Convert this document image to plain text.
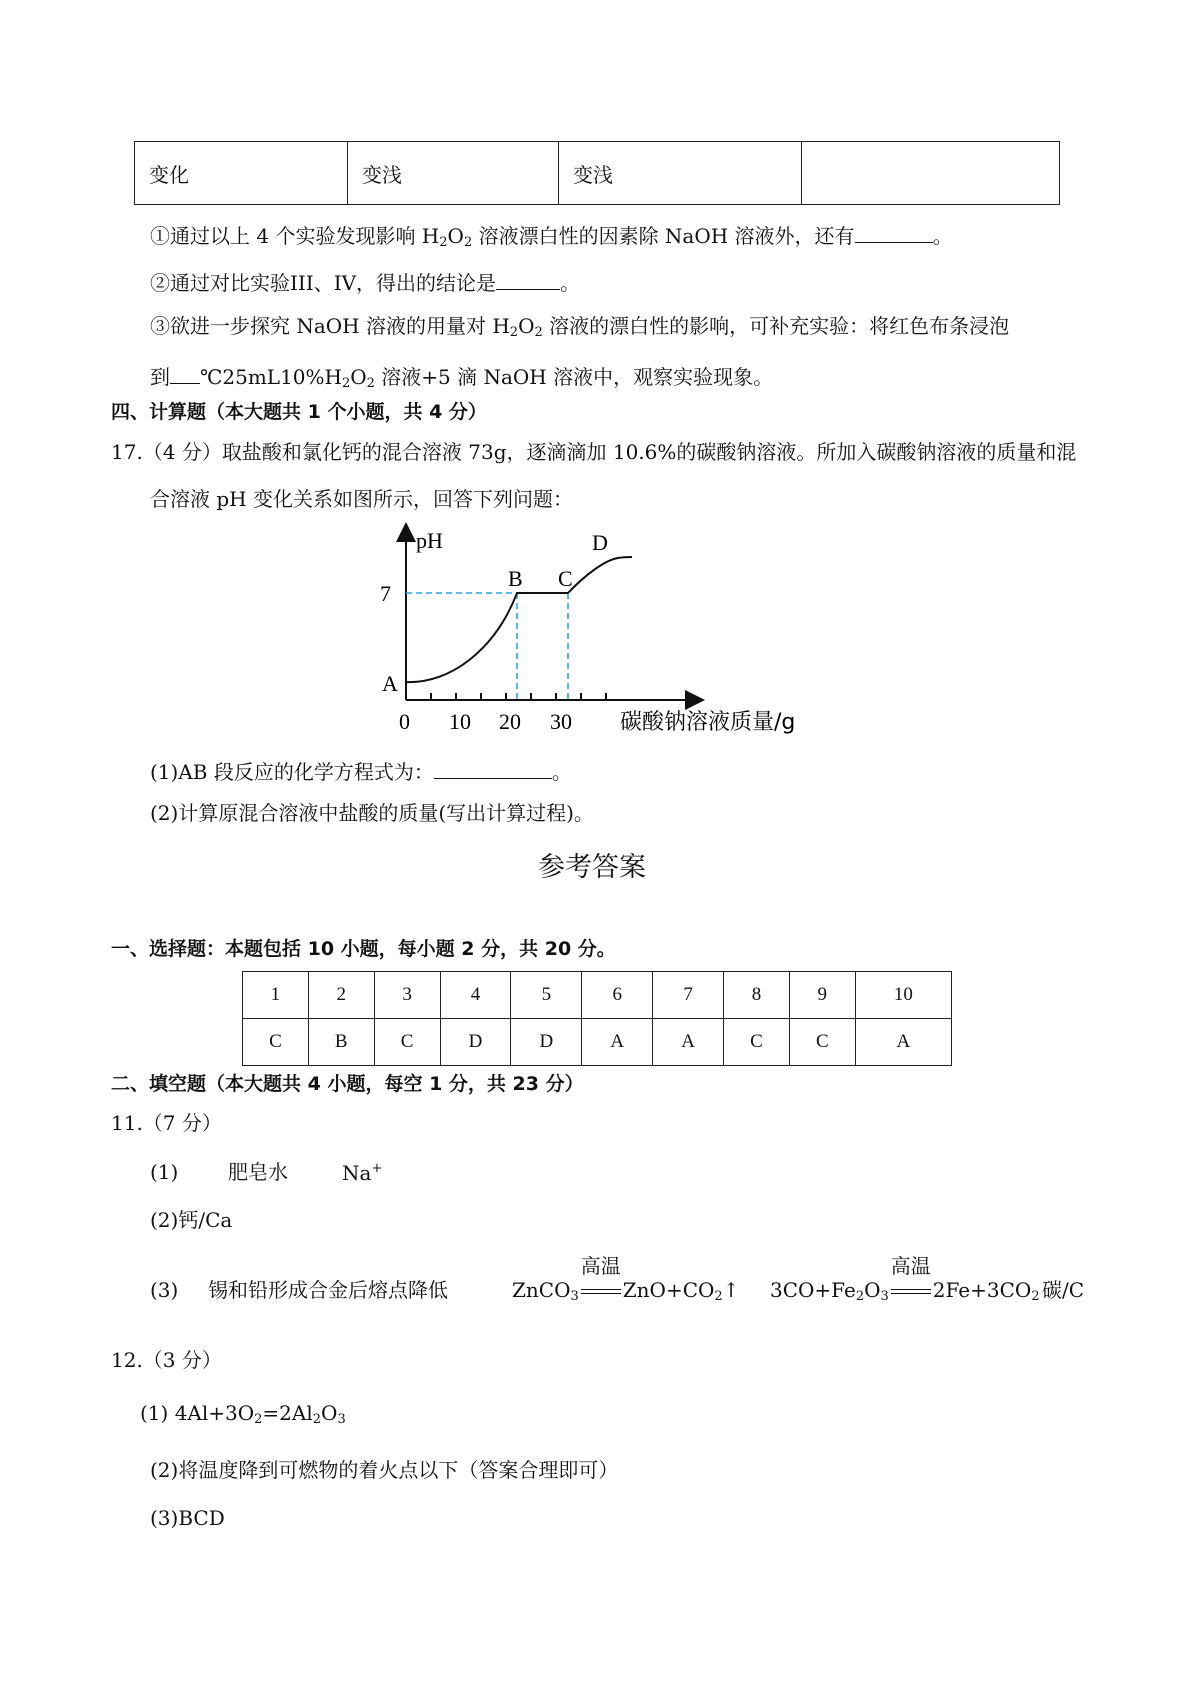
变化	变浅	变浅	
①通过以上 4 个实验发现影响 $H_2O_2$ 溶液漂白性的因素除 NaOH 溶液外，还有	。
②通过对比实验III、IV，得出的结论是	。
③欲进一步探究 NaOH 溶液的用量对 $H_2O_2$ 溶液的漂白性的影响，可补充实验：将红色布条浸泡
到 $℃25mL10\%H_2O_2$ 溶液+5 滴 NaOH 溶液中，观察实验现象。
四、计算题（本大题共 1 个小题，共 4 分）
17.（4 分）取盐酸和氯化钙的混合溶液 73g，逐滴滴加 10.6%的碳酸钠溶液。所加入碳酸钠溶液的质量和混
合溶液 pH 变化关系如图所示，回答下列问题：
pH
7
A
B C
D
0 10 20 30 碳酸钠溶液质量/g
(1)AB 段反应的化学方程式为：	。
(2)计算原混合溶液中盐酸的质量(写出计算过程)。
参考答案
一、选择题：本题包括 10 小题，每小题 2 分，共 20 分。
1	2	3	4	5	6	7	8	9	10
C	B	C	D	D	A	A	C	C	A
二、填空题（本大题共 4 小题，每空 1 分，共 23 分）
11.（7 分）
(1) 肥皂水	Na+
(2)钙/Ca
(3) 锡和铅形成合金后熔点降低	ZnCO$_3$
高温
$ZnO+CO_2↑$ $3CO+Fe_2O_3$
高温
$2Fe+3CO_2$ 碳/C
12.（3 分）
(1) $4Al+3O_2=2Al_2O_3$
(2)将温度降到可燃物的着火点以下（答案合理即可）
(3)BCD
